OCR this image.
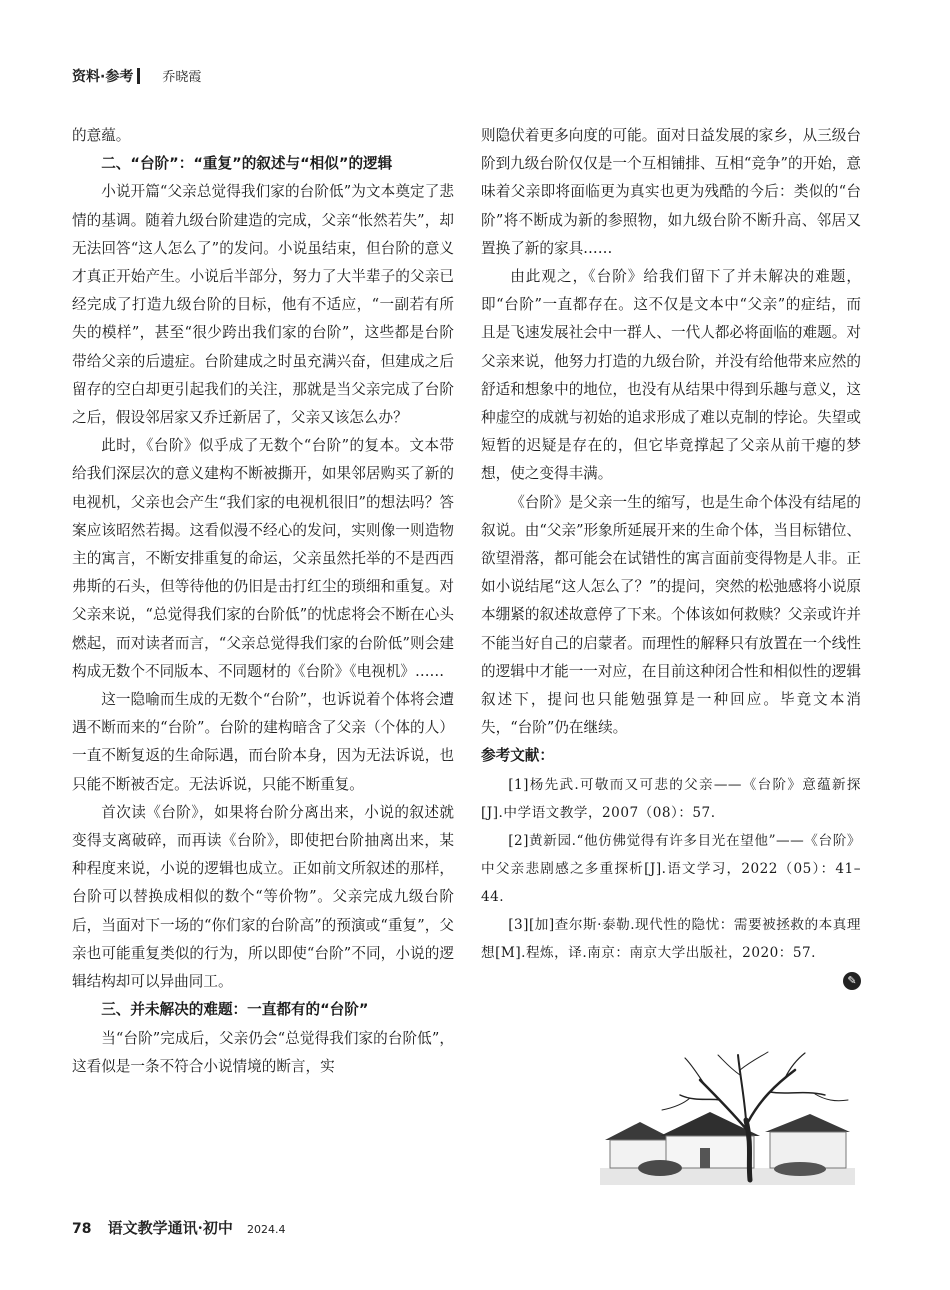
资料·参考 乔晓霞

的意蕴。

二、“台阶”：“重复”的叙述与“相似”的逻辑

小说开篇“父亲总觉得我们家的台阶低”为文本奠定了悲情的基调。随着九级台阶建造的完成，父亲“怅然若失”，却无法回答“这人怎么了”的发问。小说虽结束，但台阶的意义才真正开始产生。小说后半部分，努力了大半辈子的父亲已经完成了打造九级台阶的目标，他有不适应，“一副若有所失的模样”，甚至“很少跨出我们家的台阶”，这些都是台阶带给父亲的后遗症。台阶建成之时虽充满兴奋，但建成之后留存的空白却更引起我们的关注，那就是当父亲完成了台阶之后，假设邻居家又乔迁新居了，父亲又该怎么办？

此时，《台阶》似乎成了无数个“台阶”的复本。文本带给我们深层次的意义建构不断被撕开，如果邻居购买了新的电视机，父亲也会产生“我们家的电视机很旧”的想法吗？答案应该昭然若揭。这看似漫不经心的发问，实则像一则造物主的寓言，不断安排重复的命运，父亲虽然托举的不是西西弗斯的石头，但等待他的仍旧是击打红尘的琐细和重复。对父亲来说，“总觉得我们家的台阶低”的忧虑将会不断在心头燃起，而对读者而言，“父亲总觉得我们家的台阶低”则会建构成无数个不同版本、不同题材的《台阶》《电视机》……

这一隐喻而生成的无数个“台阶”，也诉说着个体将会遭遇不断而来的“台阶”。台阶的建构暗含了父亲（个体的人）一直不断复返的生命际遇，而台阶本身，因为无法诉说，也只能不断被否定。无法诉说，只能不断重复。

首次读《台阶》，如果将台阶分离出来，小说的叙述就变得支离破碎，而再读《台阶》，即使把台阶抽离出来，某种程度来说，小说的逻辑也成立。正如前文所叙述的那样，台阶可以替换成相似的数个“等价物”。父亲完成九级台阶后，当面对下一场的“你们家的台阶高”的预演或“重复”，父亲也可能重复类似的行为，所以即使“台阶”不同，小说的逻辑结构却可以异曲同工。

三、并未解决的难题：一直都有的“台阶”

当“台阶”完成后，父亲仍会“总觉得我们家的台阶低”，这看似是一条不符合小说情境的断言，实

则隐伏着更多向度的可能。面对日益发展的家乡，从三级台阶到九级台阶仅仅是一个互相铺排、互相“竞争”的开始，意味着父亲即将面临更为真实也更为残酷的今后：类似的“台阶”将不断成为新的参照物，如九级台阶不断升高、邻居又置换了新的家具……

由此观之，《台阶》给我们留下了并未解决的难题，即“台阶”一直都存在。这不仅是文本中“父亲”的症结，而且是飞速发展社会中一群人、一代人都必将面临的难题。对父亲来说，他努力打造的九级台阶，并没有给他带来应然的舒适和想象中的地位，也没有从结果中得到乐趣与意义，这种虚空的成就与初始的追求形成了难以克制的悖论。失望或短暂的迟疑是存在的，但它毕竟撑起了父亲从前干瘪的梦想，使之变得丰满。

《台阶》是父亲一生的缩写，也是生命个体没有结尾的叙说。由“父亲”形象所延展开来的生命个体，当目标错位、欲望滑落，都可能会在试错性的寓言面前变得物是人非。正如小说结尾“这人怎么了？”的提问，突然的松弛感将小说原本绷紧的叙述故意停了下来。个体该如何救赎？父亲或许并不能当好自己的启蒙者。而理性的解释只有放置在一个线性的逻辑中才能一一对应，在目前这种闭合性和相似性的逻辑叙述下，提问也只能勉强算是一种回应。毕竟文本消失，“台阶”仍在继续。

参考文献：

[1]杨先武.可敬而又可悲的父亲——《台阶》意蕴新探[J].中学语文教学，2007（08）：57.

[2]黄新园.“他仿佛觉得有许多目光在望他”——《台阶》中父亲悲剧感之多重探析[J].语文学习，2022（05）：41–44.

[3][加]查尔斯·泰勒.现代性的隐忧：需要被拯救的本真理想[M].程炼，译.南京：南京大学出版社，2020：57.

✎
78 语文教学通讯·初中 2024.4
